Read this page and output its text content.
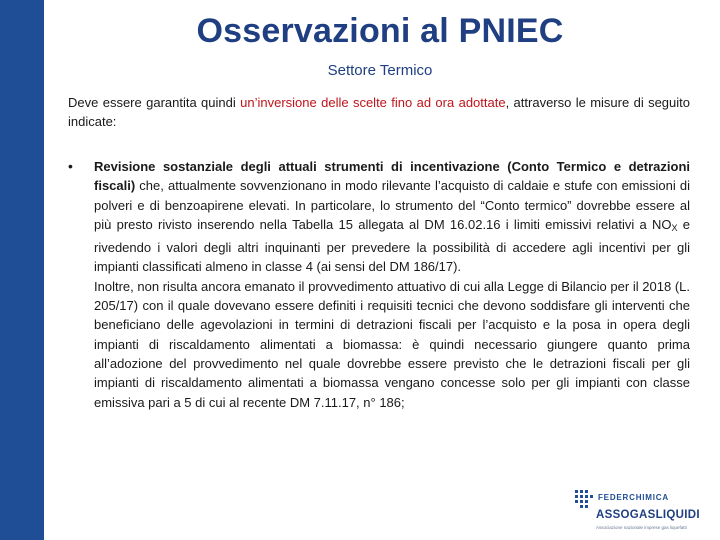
Osservazioni al PNIEC
Settore Termico
Deve essere garantita quindi un’inversione delle scelte fino ad ora adottate, attraverso le misure di seguito indicate:
• Revisione sostanziale degli attuali strumenti di incentivazione (Conto Termico e detrazioni fiscali) che, attualmente sovvenzionano in modo rilevante l’acquisto di caldaie e stufe con emissioni di polveri e di benzoapirene elevati. In particolare, lo strumento del “Conto termico” dovrebbe essere al più presto rivisto inserendo nella Tabella 15 allegata al DM 16.02.16 i limiti emissivi relativi a NOX e rivedendo i valori degli altri inquinanti per prevedere la possibilità di accedere agli incentivi per gli impianti classificati almeno in classe 4 (ai sensi del DM 186/17).

Inoltre, non risulta ancora emanato il provvedimento attuativo di cui alla Legge di Bilancio per il 2018 (L. 205/17) con il quale dovevano essere definiti i requisiti tecnici che devono soddisfare gli interventi che beneficiano delle agevolazioni in termini di detrazioni fiscali per l’acquisto e la posa in opera degli impianti di riscaldamento alimentati a biomassa: è quindi necessario giungere quanto prima all’adozione del provvedimento nel quale dovrebbe essere previsto che le detrazioni fiscali per gli impianti di riscaldamento alimentati a biomassa vengano concesse solo per gli impianti con classe emissiva pari a 5 di cui al recente DM 7.11.17, n° 186;

FEDERCHIMICA
ASSOGASLIQUIDI
Associazione nazionale imprese gas liquefatti
